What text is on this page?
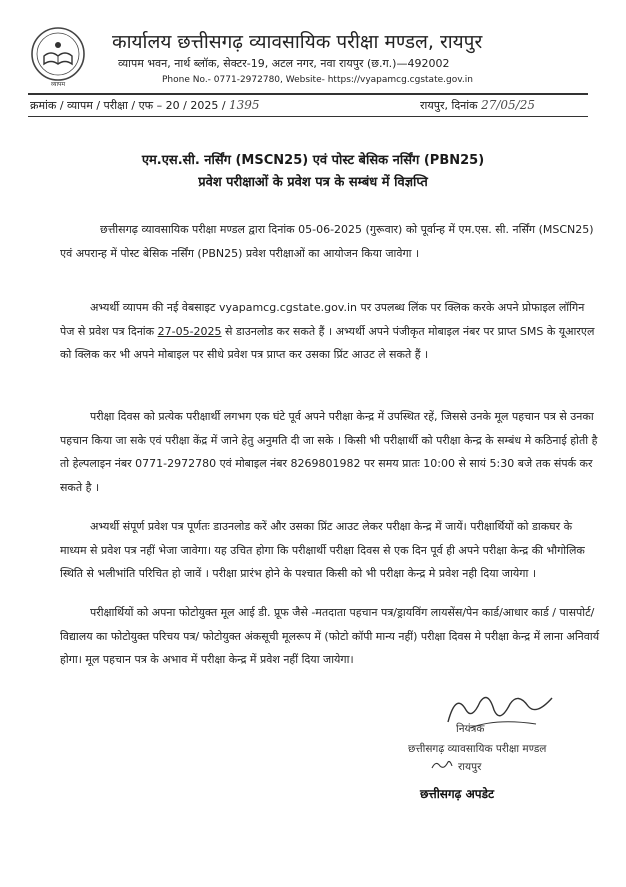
व्यापम
कार्यालय छत्तीसगढ़ व्यावसायिक परीक्षा मण्डल, रायपुर
व्यापम भवन, नार्थ ब्लॉक, सेक्टर-19, अटल नगर, नवा रायपुर (छ.ग.)—492002
Phone No.- 0771-2972780, Website- https://vyapamcg.cgstate.gov.in
क्रमांक / व्यापम / परीक्षा / एफ – 20 / 2025 / 1395	रायपुर, दिनांक 27/05/25
एम.एस.सी. नर्सिंग (MSCN25) एवं पोस्ट बेसिक नर्सिंग (PBN25)
प्रवेश परीक्षाओं के प्रवेश पत्र के सम्बंध में विज्ञप्ति
छत्तीसगढ़ व्यावसायिक परीक्षा मण्डल द्वारा दिनांक 05-06-2025 (गुरूवार) को पूर्वान्ह में एम.एस. सी. नर्सिंग (MSCN25) एवं अपरान्ह में पोस्ट बेसिक नर्सिंग (PBN25) प्रवेश परीक्षाओं का आयोजन किया जावेगा ।
अभ्यर्थी व्यापम की नई वेबसाइट vyapamcg.cgstate.gov.in पर उपलब्ध लिंक पर क्लिक करके अपने प्रोफाइल लॉगिन पेज से प्रवेश पत्र दिनांक 27-05-2025 से डाउनलोड कर सकते हैं । अभ्यर्थी अपने पंजीकृत मोबाइल नंबर पर प्राप्त SMS के यूआरएल को क्लिक कर भी अपने मोबाइल पर सीधे प्रवेश पत्र प्राप्त कर उसका प्रिंट आउट ले सकते हैं ।
परीक्षा दिवस को प्रत्येक परीक्षार्थी लगभग एक घंटे पूर्व अपने परीक्षा केन्द्र में उपस्थित रहें, जिससे उनके मूल पहचान पत्र से उनका पहचान किया जा सके एवं परीक्षा केंद्र में जाने हेतु अनुमति दी जा सके । किसी भी परीक्षार्थी को परीक्षा केन्द्र के सम्बंध मे कठिनाई होती है तो हेल्पलाइन नंबर 0771-2972780 एवं मोबाइल नंबर 8269801982 पर समय प्रातः 10:00 से सायं 5:30 बजे तक संपर्क कर सकते है ।
अभ्यर्थी संपूर्ण प्रवेश पत्र पूर्णतः डाउनलोड करें और उसका प्रिंट आउट लेकर परीक्षा केन्द्र में जायें। परीक्षार्थियों को डाकघर के माध्यम से प्रवेश पत्र नहीं भेजा जावेगा। यह उचित होगा कि परीक्षार्थी परीक्षा दिवस से एक दिन पूर्व ही अपने परीक्षा केन्द्र की भौगोलिक स्थिति से भलीभांति परिचित हो जावें । परीक्षा प्रारंभ होने के पश्चात किसी को भी परीक्षा केन्द्र मे प्रवेश नही दिया जायेगा ।
परीक्षार्थियों को अपना फोटोयुक्त मूल आई डी. प्रूफ जैसे -मतदाता पहचान पत्र/ड्रायविंग लायसेंस/पेन कार्ड/आधार कार्ड / पासपोर्ट/विद्यालय का फोटोयुक्त परिचय पत्र/ फोटोयुक्त अंकसूची मूलरूप में (फोटो कॉपी मान्य नहीं) परीक्षा दिवस मे परीक्षा केन्द्र में लाना अनिवार्य होगा। मूल पहचान पत्र के अभाव में परीक्षा केन्द्र में प्रवेश नहीं दिया जायेगा।
नियंत्रक
छत्तीसगढ़ व्यावसायिक परीक्षा मण्डल
रायपुर
छत्तीसगढ़ अपडेट
